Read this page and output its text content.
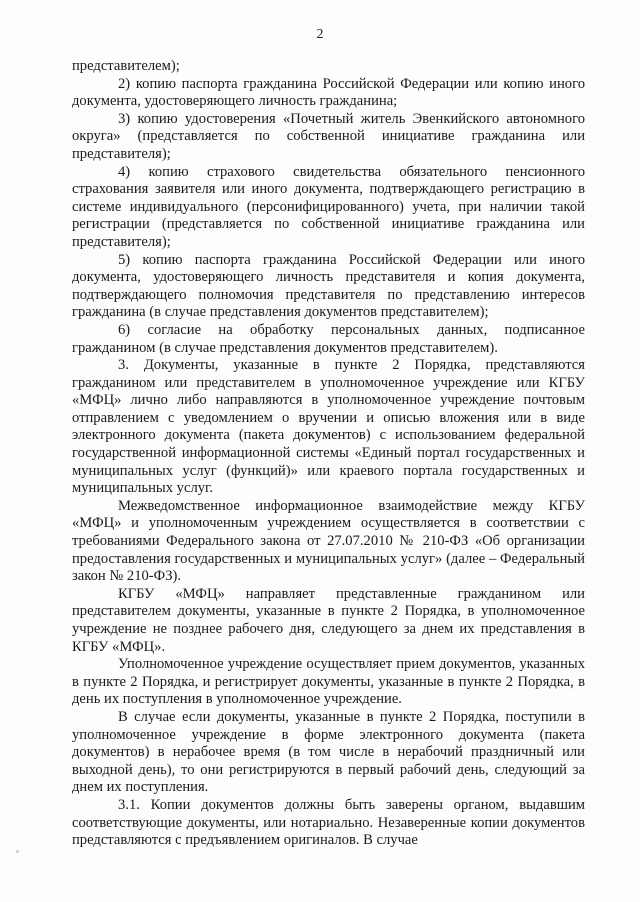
2

представителем);

2) копию паспорта гражданина Российской Федерации или копию иного документа, удостоверяющего личность гражданина;

3) копию удостоверения «Почетный житель Эвенкийского автономного округа» (представляется по собственной инициативе гражданина или представителя);

4) копию страхового свидетельства обязательного пенсионного страхования заявителя или иного документа, подтверждающего регистрацию в системе индивидуального (персонифицированного) учета, при наличии такой регистрации (представляется по собственной инициативе гражданина или представителя);

5) копию паспорта гражданина Российской Федерации или иного документа, удостоверяющего личность представителя и копия документа, подтверждающего полномочия представителя по представлению интересов гражданина (в случае представления документов представителем);

6) согласие на обработку персональных данных, подписанное гражданином (в случае представления документов представителем).

3. Документы, указанные в пункте 2 Порядка, представляются гражданином или представителем в уполномоченное учреждение или КГБУ «МФЦ» лично либо направляются в уполномоченное учреждение почтовым отправлением с уведомлением о вручении и описью вложения или в виде электронного документа (пакета документов) с использованием федеральной государственной информационной системы «Единый портал государственных и муниципальных услуг (функций)» или краевого портала государственных и муниципальных услуг.

Межведомственное информационное взаимодействие между КГБУ «МФЦ» и уполномоченным учреждением осуществляется в соответствии с требованиями Федерального закона от 27.07.2010 № 210-ФЗ «Об организации предоставления государственных и муниципальных услуг» (далее – Федеральный закон № 210-ФЗ).

КГБУ «МФЦ» направляет представленные гражданином или представителем документы, указанные в пункте 2 Порядка, в уполномоченное учреждение не позднее рабочего дня, следующего за днем их представления в КГБУ «МФЦ».

Уполномоченное учреждение осуществляет прием документов, указанных в пункте 2 Порядка, и регистрирует документы, указанные в пункте 2 Порядка, в день их поступления в уполномоченное учреждение.

В случае если документы, указанные в пункте 2 Порядка, поступили в уполномоченное учреждение в форме электронного документа (пакета документов) в нерабочее время (в том числе в нерабочий праздничный или выходной день), то они регистрируются в первый рабочий день, следующий за днем их поступления.

3.1. Копии документов должны быть заверены органом, выдавшим соответствующие документы, или нотариально. Незаверенные копии документов представляются с предъявлением оригиналов. В случае
